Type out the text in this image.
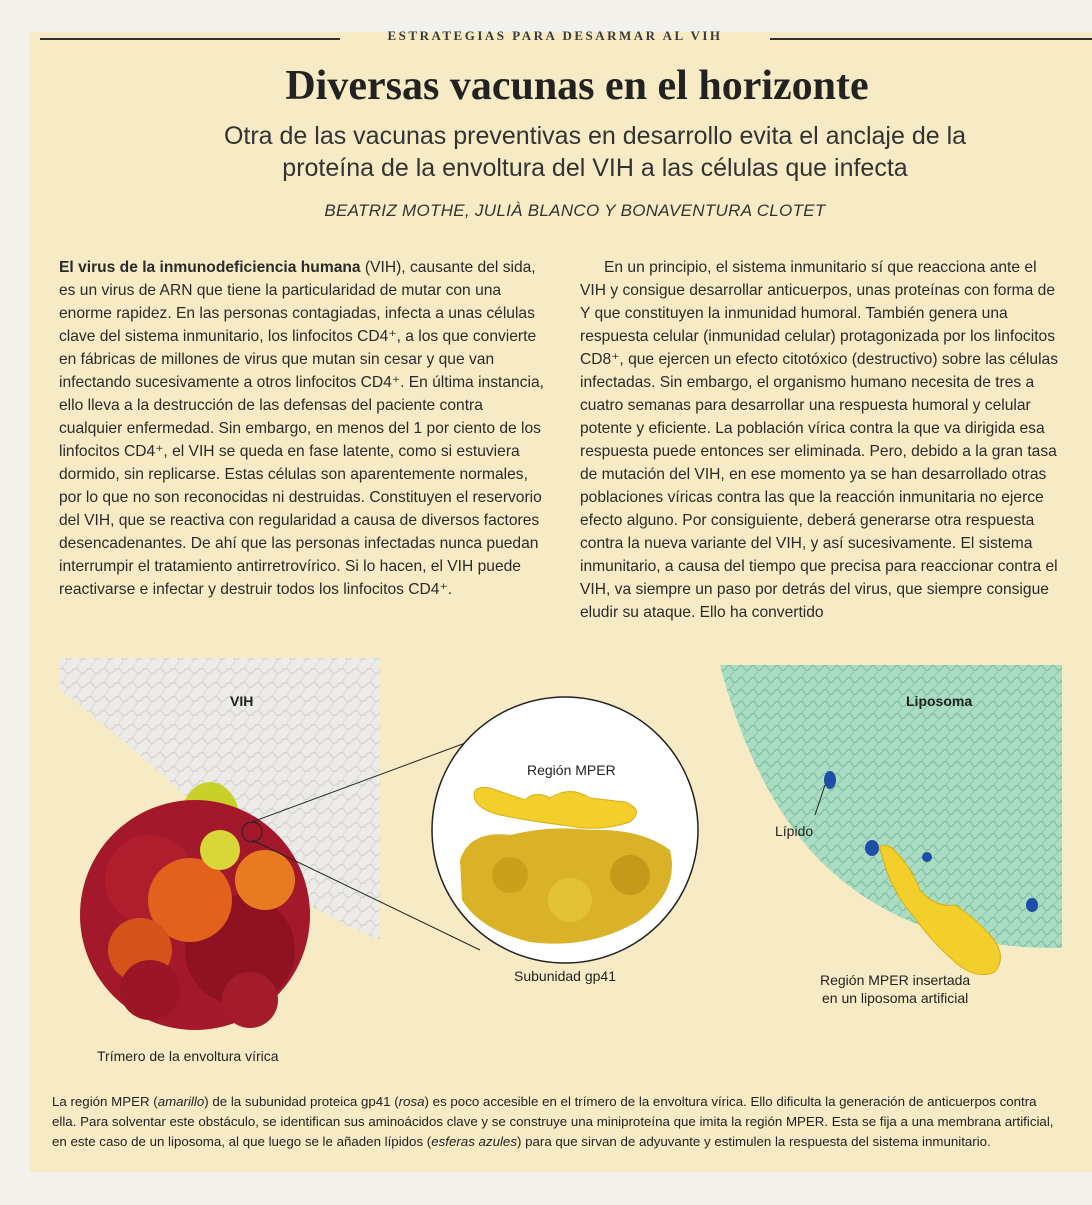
ESTRATEGIAS PARA DESARMAR AL VIH
Diversas vacunas en el horizonte
Otra de las vacunas preventivas en desarrollo evita el anclaje de la proteína de la envoltura del VIH a las células que infecta
BEATRIZ MOTHE, JULIÀ BLANCO Y BONAVENTURA CLOTET

El virus de la inmunodeficiencia humana (VIH), causante del sida, es un virus de ARN que tiene la particularidad de mutar con una enorme rapidez. En las personas contagiadas, infecta a unas células clave del sistema inmunitario, los linfocitos CD4⁺, a los que convierte en fábricas de millones de virus que mutan sin cesar y que van infectando sucesivamente a otros linfocitos CD4⁺. En última instancia, ello lleva a la destrucción de las defensas del paciente contra cualquier enfermedad. Sin embargo, en menos del 1 por ciento de los linfocitos CD4⁺, el VIH se queda en fase latente, como si estuviera dormido, sin replicarse. Estas células son aparentemente normales, por lo que no son reconocidas ni destruidas. Constituyen el reservorio del VIH, que se reactiva con regularidad a causa de diversos factores desencadenantes. De ahí que las personas infectadas nunca puedan interrumpir el tratamiento antirretrovírico. Si lo hacen, el VIH puede reactivarse e infectar y destruir todos los linfocitos CD4⁺.

En un principio, el sistema inmunitario sí que reacciona ante el VIH y consigue desarrollar anticuerpos, unas proteínas con forma de Y que constituyen la inmunidad humoral. También genera una respuesta celular (inmunidad celular) protagonizada por los linfocitos CD8⁺, que ejercen un efecto citotóxico (destructivo) sobre las células infectadas. Sin embargo, el organismo humano necesita de tres a cuatro semanas para desarrollar una respuesta humoral y celular potente y eficiente. La población vírica contra la que va dirigida esa respuesta puede entonces ser eliminada. Pero, debido a la gran tasa de mutación del VIH, en ese momento ya se han desarrollado otras poblaciones víricas contra las que la reacción inmunitaria no ejerce efecto alguno. Por consiguiente, deberá generarse otra respuesta contra la nueva variante del VIH, y así sucesivamente. El sistema inmunitario, a causa del tiempo que precisa para reaccionar contra el VIH, va siempre un paso por detrás del virus, que siempre consigue eludir su ataque. Ello ha convertido

VIH
Trímero de la envoltura vírica
Región MPER
Subunidad gp41
Liposoma
Lípido
Región MPER insertada
en un liposoma artificial
La región MPER (amarillo) de la subunidad proteica gp41 (rosa) es poco accesible en el trímero de la envoltura vírica. Ello dificulta la generación de anticuerpos contra ella. Para solventar este obstáculo, se identifican sus aminoácidos clave y se construye una miniproteína que imita la región MPER. Esta se fija a una membrana artificial, en este caso de un liposoma, al que luego se le añaden lípidos (esferas azules) para que sirvan de adyuvante y estimulen la respuesta del sistema inmunitario.
